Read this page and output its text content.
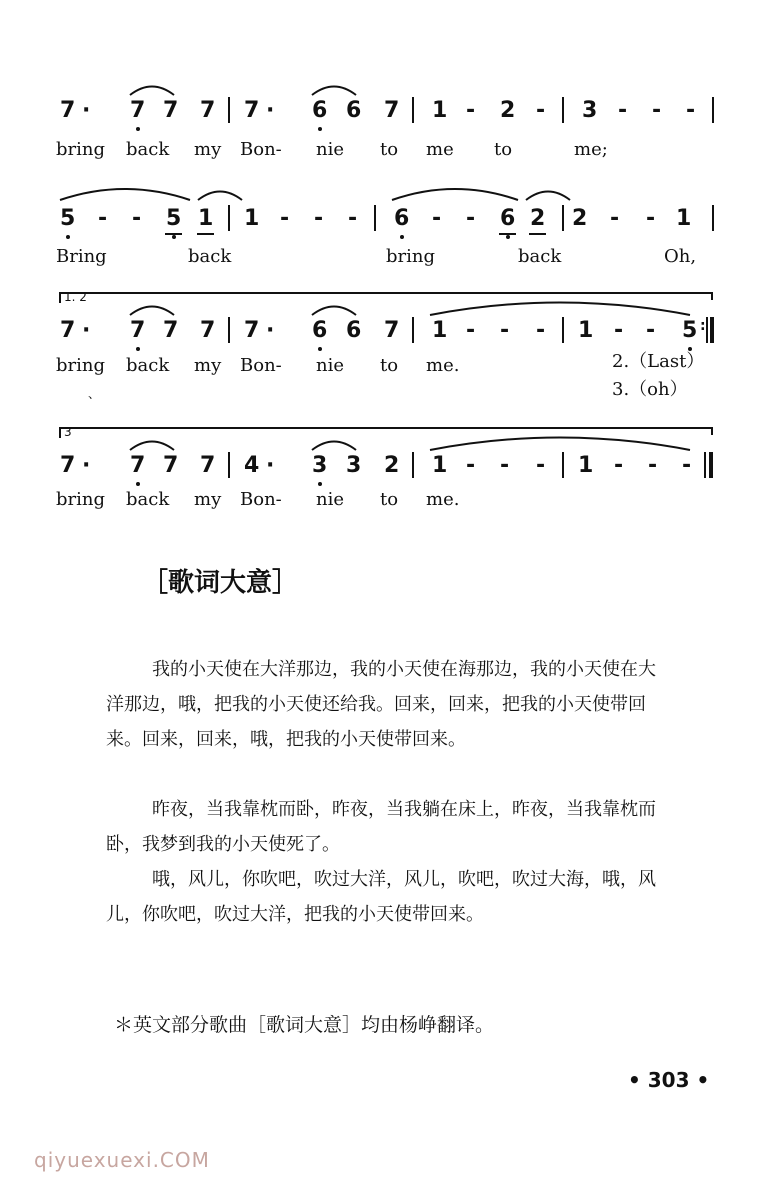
7 · 7 7 7 7 · 6 6 7 1 - 2 - 3 - - -
bring back my Bon- nie to me to	me;
5 - - 5 1 1 - - - 6 - - 6 2 2 - - 1
Bring	back	bring	back	Oh,
1. 2
7 · 7 7 7 7 · 6 6 7 1 - - - 1 - - 5 :
bring back my Bon- nie to me.	2.（Last）
3.（oh）
、
3
7 · 7 7 7 4 · 3 3 2 1 - - - 1 - - -
bring back my Bon- nie to me.
［歌词大意］
我的小天使在大洋那边，我的小天使在海那边，我的小天使在大洋那边，哦，把我的小天使还给我。回来，回来，把我的小天使带回来。回来，回来，哦，把我的小天使带回来。
昨夜，当我靠枕而卧，昨夜，当我躺在床上，昨夜，当我靠枕而卧，我梦到我的小天使死了。
哦，风儿，你吹吧，吹过大洋，风儿，吹吧，吹过大海，哦，风儿，你吹吧，吹过大洋，把我的小天使带回来。
＊英文部分歌曲［歌词大意］均由杨峥翻译。
• 303 •
qiyuexuexi.COM
